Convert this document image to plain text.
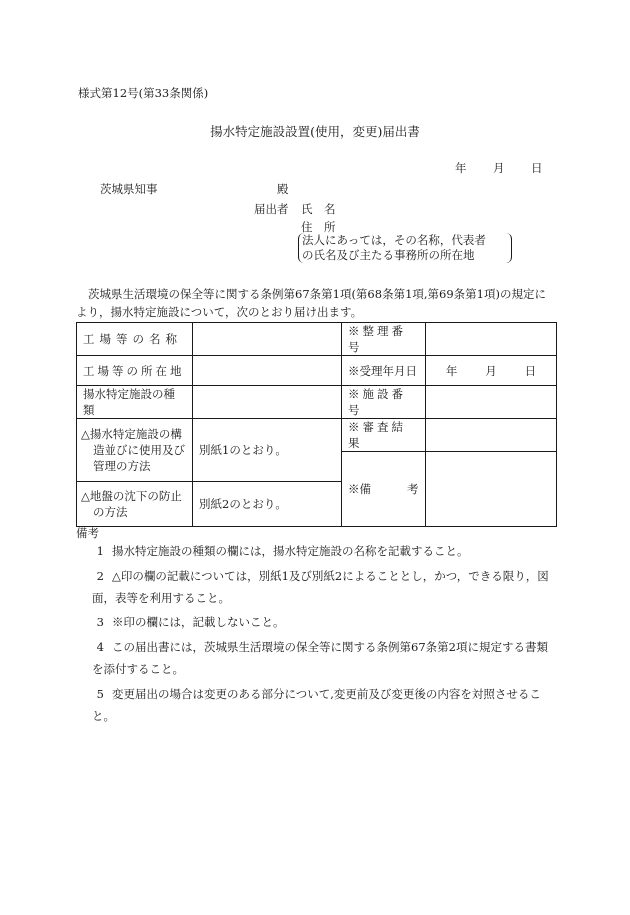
様式第12号(第33条関係)
揚水特定施設設置(使用，変更)届出書
年 月 日
茨城県知事	殿
届出者 氏　名
住　所
法人にあっては，その名称，代表者
の氏名及び主たる事務所の所在地
茨城県生活環境の保全等に関する条例第67条第1項(第68条第1項,第69条第1項)の規定により，揚水特定施設について，次のとおり届け出ます。
工場等の名称		※整理番号	
工場等の所在地		※受理年月日	年 月 日

揚水特定施設の種類		※施設番号	
△揚水特定施設の構造並びに使用及び管理の方法	別紙1のとおり。	※審査結果	
		※備 考	
△地盤の沈下の防止の方法	別紙2のとおり。		
備考
1 揚水特定施設の種類の欄には，揚水特定施設の名称を記載すること。
2 △印の欄の記載については，別紙1及び別紙2によることとし，かつ，できる限り，図
面，表等を利用すること。
3 ※印の欄には，記載しないこと。
4 この届出書には，茨城県生活環境の保全等に関する条例第67条第2項に規定する書類
を添付すること。
5 変更届出の場合は変更のある部分について,変更前及び変更後の内容を対照させるこ
と。
